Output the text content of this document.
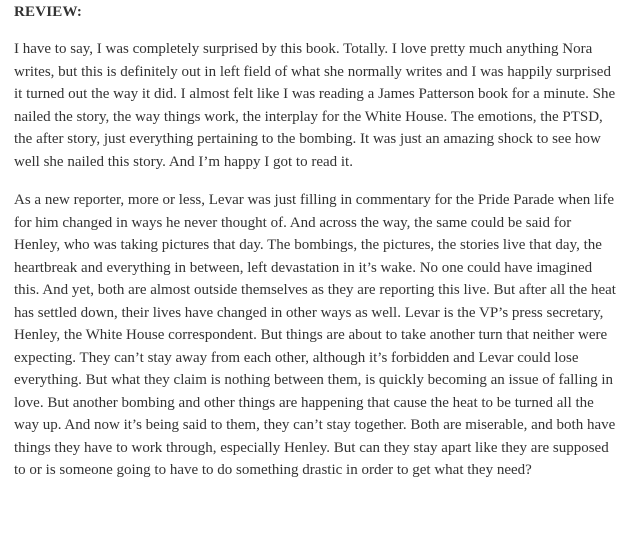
REVIEW:

I have to say, I was completely surprised by this book. Totally. I love pretty much anything Nora writes, but this is definitely out in left field of what she normally writes and I was happily surprised it turned out the way it did. I almost felt like I was reading a James Patterson book for a minute. She nailed the story, the way things work, the interplay for the White House. The emotions, the PTSD, the after story, just everything pertaining to the bombing. It was just an amazing shock to see how well she nailed this story. And I’m happy I got to read it.

As a new reporter, more or less, Levar was just filling in commentary for the Pride Parade when life for him changed in ways he never thought of. And across the way, the same could be said for Henley, who was taking pictures that day. The bombings, the pictures, the stories live that day, the heartbreak and everything in between, left devastation in it’s wake. No one could have imagined this. And yet, both are almost outside themselves as they are reporting this live. But after all the heat has settled down, their lives have changed in other ways as well. Levar is the VP’s press secretary, Henley, the White House correspondent. But things are about to take another turn that neither were expecting. They can’t stay away from each other, although it’s forbidden and Levar could lose everything. But what they claim is nothing between them, is quickly becoming an issue of falling in love. But another bombing and other things are happening that cause the heat to be turned all the way up. And now it’s being said to them, they can’t stay together. Both are miserable, and both have things they have to work through, especially Henley. But can they stay apart like they are supposed to or is someone going to have to do something drastic in order to get what they need?
